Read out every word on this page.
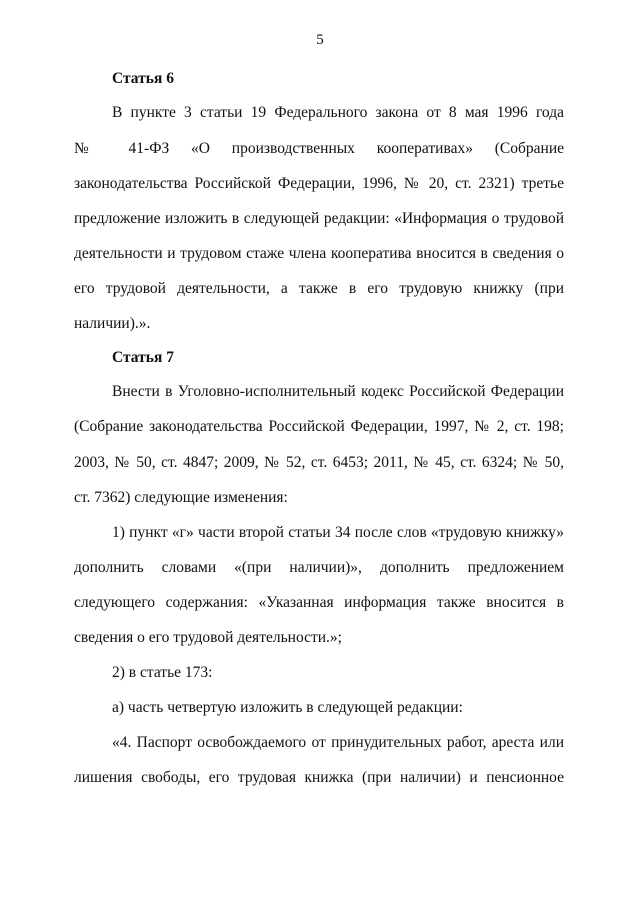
5
Статья 6
В пункте 3 статьи 19 Федерального закона от 8 мая 1996 года
№ 41-ФЗ «О производственных кооперативах» (Собрание
законодательства Российской Федерации, 1996, № 20, ст. 2321) третье
предложение изложить в следующей редакции: «Информация о трудовой
деятельности и трудовом стаже члена кооператива вносится в сведения о
его трудовой деятельности, а также в его трудовую книжку (при
наличии).».
Статья 7
Внести в Уголовно-исполнительный кодекс Российской Федерации
(Собрание законодательства Российской Федерации, 1997, № 2, ст. 198;
2003, № 50, ст. 4847; 2009, № 52, ст. 6453; 2011, № 45, ст. 6324; № 50,
ст. 7362) следующие изменения:
1) пункт «г» части второй статьи 34 после слов «трудовую книжку»
дополнить словами «(при наличии)», дополнить предложением
следующего содержания: «Указанная информация также вносится в
сведения о его трудовой деятельности.»;
2) в статье 173:
а) часть четвертую изложить в следующей редакции:
«4. Паспорт освобождаемого от принудительных работ, ареста или
лишения свободы, его трудовая книжка (при наличии) и пенсионное
